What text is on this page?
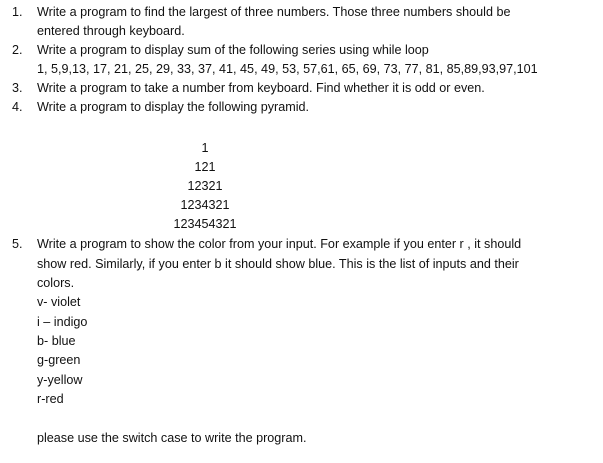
1.	Write a program to find the largest of three numbers. Those three numbers should be
entered through keyboard.
2.	Write a program to display sum of the following series using while loop
1, 5,9,13, 17, 21, 25, 29, 33, 37, 41, 45, 49, 53, 57,61, 65, 69, 73, 77, 81, 85,89,93,97,101
3.	Write a program to take a number from keyboard. Find whether it is odd or even.
4.	Write a program to display the following pyramid.
1
121
12321
1234321
123454321
5.	Write a program to show the color from your input. For example if you enter r , it should
show red. Similarly, if you enter b it should show blue. This is the list of inputs and their
colors.
v- violet
i – indigo
b- blue
g-green
y-yellow
r-red
please use the switch case to write the program.
